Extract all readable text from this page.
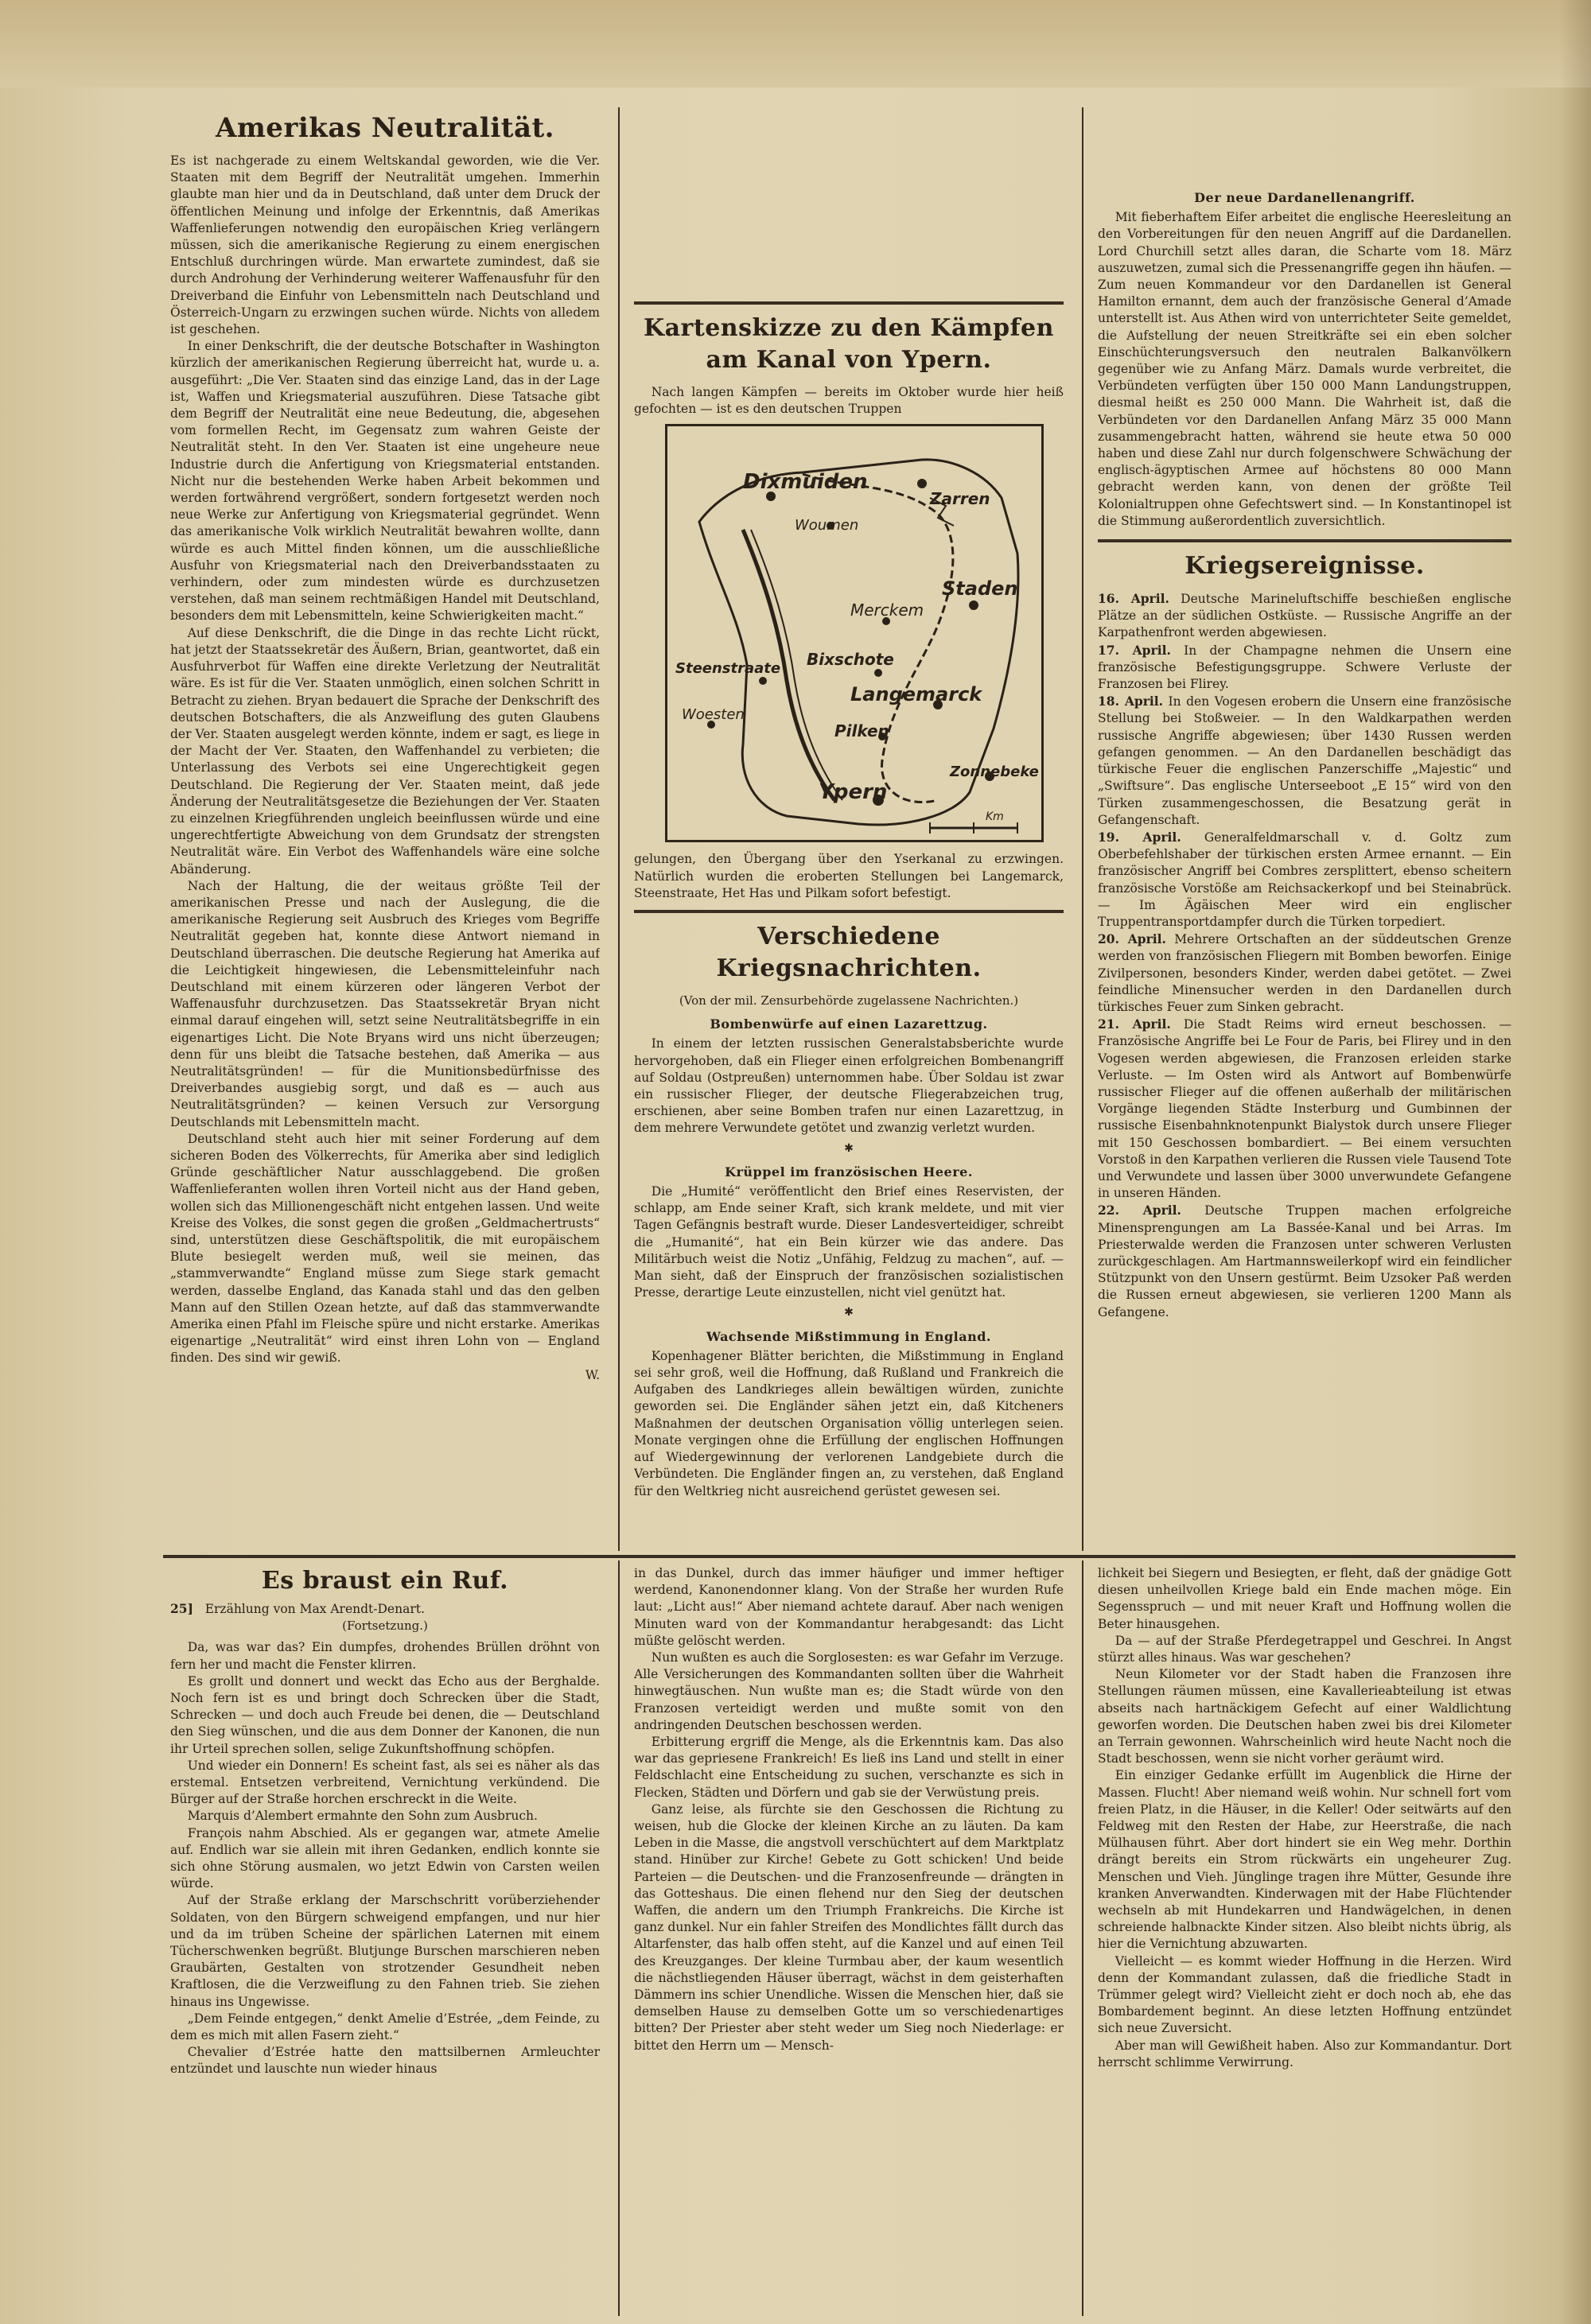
Amerikas Neutralität.

Es ist nachgerade zu einem Weltskandal geworden, wie die Ver. Staaten mit dem Begriff der Neutralität umgehen. Immerhin glaubte man hier und da in Deutschland, daß unter dem Druck der öffentlichen Meinung und infolge der Erkenntnis, daß Amerikas Waffenlieferungen notwendig den europäischen Krieg verlängern müssen, sich die amerikanische Regierung zu einem energischen Entschluß durchringen würde. Man erwartete zumindest, daß sie durch Androhung der Verhinderung weiterer Waffenausfuhr für den Dreiverband die Einfuhr von Lebensmitteln nach Deutschland und Österreich-Ungarn zu erzwingen suchen würde. Nichts von alledem ist geschehen.

In einer Denkschrift, die der deutsche Botschafter in Washington kürzlich der amerikanischen Regierung überreicht hat, wurde u. a. ausgeführt: „Die Ver. Staaten sind das einzige Land, das in der Lage ist, Waffen und Kriegsmaterial auszuführen. Diese Tatsache gibt dem Begriff der Neutralität eine neue Bedeutung, die, abgesehen vom formellen Recht, im Gegensatz zum wahren Geiste der Neutralität steht. In den Ver. Staaten ist eine ungeheure neue Industrie durch die Anfertigung von Kriegsmaterial entstanden. Nicht nur die bestehenden Werke haben Arbeit bekommen und werden fortwährend vergrößert, sondern fortgesetzt werden noch neue Werke zur Anfertigung von Kriegsmaterial gegründet. Wenn das amerikanische Volk wirklich Neutralität bewahren wollte, dann würde es auch Mittel finden können, um die ausschließliche Ausfuhr von Kriegsmaterial nach den Dreiverbandsstaaten zu verhindern, oder zum mindesten würde es durchzusetzen verstehen, daß man seinem rechtmäßigen Handel mit Deutschland, besonders dem mit Lebensmitteln, keine Schwierigkeiten macht.“

Auf diese Denkschrift, die die Dinge in das rechte Licht rückt, hat jetzt der Staatssekretär des Äußern, Brian, geantwortet, daß ein Ausfuhrverbot für Waffen eine direkte Verletzung der Neutralität wäre. Es ist für die Ver. Staaten unmöglich, einen solchen Schritt in Betracht zu ziehen. Bryan bedauert die Sprache der Denkschrift des deutschen Botschafters, die als Anzweiflung des guten Glaubens der Ver. Staaten ausgelegt werden könnte, indem er sagt, es liege in der Macht der Ver. Staaten, den Waffenhandel zu verbieten; die Unterlassung des Verbots sei eine Ungerechtigkeit gegen Deutschland. Die Regierung der Ver. Staaten meint, daß jede Änderung der Neutralitätsgesetze die Beziehungen der Ver. Staaten zu einzelnen Kriegführenden ungleich beeinflussen würde und eine ungerechtfertigte Abweichung von dem Grundsatz der strengsten Neutralität wäre. Ein Verbot des Waffenhandels wäre eine solche Abänderung.

Nach der Haltung, die der weitaus größte Teil der amerikanischen Presse und nach der Auslegung, die die amerikanische Regierung seit Ausbruch des Krieges vom Begriffe Neutralität gegeben hat, konnte diese Antwort niemand in Deutschland überraschen. Die deutsche Regierung hat Amerika auf die Leichtigkeit hingewiesen, die Lebensmitteleinfuhr nach Deutschland mit einem kürzeren oder längeren Verbot der Waffenausfuhr durchzusetzen. Das Staatssekretär Bryan nicht einmal darauf eingehen will, setzt seine Neutralitätsbegriffe in ein eigenartiges Licht. Die Note Bryans wird uns nicht überzeugen; denn für uns bleibt die Tatsache bestehen, daß Amerika — aus Neutralitätsgründen! — für die Munitionsbedürfnisse des Dreiverbandes ausgiebig sorgt, und daß es — auch aus Neutralitätsgründen? — keinen Versuch zur Versorgung Deutschlands mit Lebensmitteln macht.

Deutschland steht auch hier mit seiner Forderung auf dem sicheren Boden des Völkerrechts, für Amerika aber sind lediglich Gründe geschäftlicher Natur ausschlaggebend. Die großen Waffenlieferanten wollen ihren Vorteil nicht aus der Hand geben, wollen sich das Millionengeschäft nicht entgehen lassen. Und weite Kreise des Volkes, die sonst gegen die großen „Geldmachertrusts“ sind, unterstützen diese Geschäftspolitik, die mit europäischem Blute besiegelt werden muß, weil sie meinen, das „stammverwandte“ England müsse zum Siege stark gemacht werden, dasselbe England, das Kanada stahl und das den gelben Mann auf den Stillen Ozean hetzte, auf daß das stammverwandte Amerika einen Pfahl im Fleische spüre und nicht erstarke. Amerikas eigenartige „Neutralität“ wird einst ihren Lohn von — England finden. Des sind wir gewiß.

W.
Kartenskizze zu den Kämpfen am Kanal von Ypern.

Nach langen Kämpfen — bereits im Oktober wurde hier heiß gefochten — ist es den deutschen Truppen

gelungen, den Übergang über den Yserkanal zu erzwingen. Natürlich wurden die eroberten Stellungen bei Langemarck, Steenstraate, Het Has und Pilkam sofort befestigt.

Verschiedene Kriegsnachrichten.
(Von der mil. Zensurbehörde zugelassene Nachrichten.)
Bombenwürfe auf einen Lazarettzug.

In einem der letzten russischen Generalstabsberichte wurde hervorgehoben, daß ein Flieger einen erfolgreichen Bombenangriff auf Soldau (Ostpreußen) unternommen habe. Über Soldau ist zwar ein russischer Flieger, der deutsche Fliegerabzeichen trug, erschienen, aber seine Bomben trafen nur einen Lazarettzug, in dem mehrere Verwundete getötet und zwanzig verletzt wurden.

✱
Krüppel im französischen Heere.

Die „Humité“ veröffentlicht den Brief eines Reservisten, der schlapp, am Ende seiner Kraft, sich krank meldete, und mit vier Tagen Gefängnis bestraft wurde. Dieser Landesverteidiger, schreibt die „Humanité“, hat ein Bein kürzer wie das andere. Das Militärbuch weist die Notiz „Unfähig, Feldzug zu machen“, auf. — Man sieht, daß der Einspruch der französischen sozialistischen Presse, derartige Leute einzustellen, nicht viel genützt hat.

✱
Wachsende Mißstimmung in England.

Kopenhagener Blätter berichten, die Mißstimmung in England sei sehr groß, weil die Hoffnung, daß Rußland und Frankreich die Aufgaben des Landkrieges allein bewältigen würden, zunichte geworden sei. Die Engländer sähen jetzt ein, daß Kitcheners Maßnahmen der deutschen Organisation völlig unterlegen seien. Monate vergingen ohne die Erfüllung der englischen Hoffnungen auf Wiedergewinnung der verlorenen Landgebiete durch die Verbündeten. Die Engländer fingen an, zu verstehen, daß England für den Weltkrieg nicht ausreichend gerüstet gewesen sei.

Dixmuiden
Zarren
Woumen
Merckem
Staden
Steenstraate Bixschote
Langemarck
Woesten
Pilken
Ypern
Zonnebeke
Km
Der neue Dardanellenangriff.

Mit fieberhaftem Eifer arbeitet die englische Heeresleitung an den Vorbereitungen für den neuen Angriff auf die Dardanellen. Lord Churchill setzt alles daran, die Scharte vom 18. März auszuwetzen, zumal sich die Pressenangriffe gegen ihn häufen. — Zum neuen Kommandeur vor den Dardanellen ist General Hamilton ernannt, dem auch der französische General d’Amade unterstellt ist. Aus Athen wird von unterrichteter Seite gemeldet, die Aufstellung der neuen Streitkräfte sei ein eben solcher Einschüchterungsversuch den neutralen Balkanvölkern gegenüber wie zu Anfang März. Damals wurde verbreitet, die Verbündeten verfügten über 150 000 Mann Landungstruppen, diesmal heißt es 250 000 Mann. Die Wahrheit ist, daß die Verbündeten vor den Dardanellen Anfang März 35 000 Mann zusammengebracht hatten, während sie heute etwa 50 000 haben und diese Zahl nur durch folgenschwere Schwächung der englisch-ägyptischen Armee auf höchstens 80 000 Mann gebracht werden kann, von denen der größte Teil Kolonialtruppen ohne Gefechtswert sind. — In Konstantinopel ist die Stimmung außerordentlich zuversichtlich.

Kriegsereignisse.

16. April. Deutsche Marineluftschiffe beschießen englische Plätze an der südlichen Ostküste. — Russische Angriffe an der Karpathenfront werden abgewiesen.

17. April. In der Champagne nehmen die Unsern eine französische Befestigungsgruppe. Schwere Verluste der Franzosen bei Flirey.

18. April. In den Vogesen erobern die Unsern eine französische Stellung bei Stoßweier. — In den Waldkarpathen werden russische Angriffe abgewiesen; über 1430 Russen werden gefangen genommen. — An den Dardanellen beschädigt das türkische Feuer die englischen Panzerschiffe „Majestic“ und „Swiftsure“. Das englische Unterseeboot „E 15“ wird von den Türken zusammengeschossen, die Besatzung gerät in Gefangenschaft.

19. April. Generalfeldmarschall v. d. Goltz zum Oberbefehlshaber der türkischen ersten Armee ernannt. — Ein französischer Angriff bei Combres zersplittert, ebenso scheitern französische Vorstöße am Reichsackerkopf und bei Steinabrück. — Im Ägäischen Meer wird ein englischer Truppentransportdampfer durch die Türken torpediert.

20. April. Mehrere Ortschaften an der süddeutschen Grenze werden von französischen Fliegern mit Bomben beworfen. Einige Zivilpersonen, besonders Kinder, werden dabei getötet. — Zwei feindliche Minensucher werden in den Dardanellen durch türkisches Feuer zum Sinken gebracht.

21. April. Die Stadt Reims wird erneut beschossen. — Französische Angriffe bei Le Four de Paris, bei Flirey und in den Vogesen werden abgewiesen, die Franzosen erleiden starke Verluste. — Im Osten wird als Antwort auf Bombenwürfe russischer Flieger auf die offenen außerhalb der militärischen Vorgänge liegenden Städte Insterburg und Gumbinnen der russische Eisenbahnknotenpunkt Bialystok durch unsere Flieger mit 150 Geschossen bombardiert. — Bei einem versuchten Vorstoß in den Karpathen verlieren die Russen viele Tausend Tote und Verwundete und lassen über 3000 unverwundete Gefangene in unseren Händen.

22. April. Deutsche Truppen machen erfolgreiche Minensprengungen am La Bassée-Kanal und bei Arras. Im Priesterwalde werden die Franzosen unter schweren Verlusten zurückgeschlagen. Am Hartmannsweilerkopf wird ein feindlicher Stützpunkt von den Unsern gestürmt. Beim Uzsoker Paß werden die Russen erneut abgewiesen, sie verlieren 1200 Mann als Gefangene.

Es braust ein Ruf.

25] Erzählung von Max Arendt-Denart.

(Fortsetzung.)

Da, was war das? Ein dumpfes, drohendes Brüllen dröhnt von fern her und macht die Fenster klirren.

Es grollt und donnert und weckt das Echo aus der Berghalde. Noch fern ist es und bringt doch Schrecken über die Stadt, Schrecken — und doch auch Freude bei denen, die — Deutschland den Sieg wünschen, und die aus dem Donner der Kanonen, die nun ihr Urteil sprechen sollen, selige Zukunftshoffnung schöpfen.

Und wieder ein Donnern! Es scheint fast, als sei es näher als das erstemal. Entsetzen verbreitend, Vernichtung verkündend. Die Bürger auf der Straße horchen erschreckt in die Weite.

Marquis d’Alembert ermahnte den Sohn zum Ausbruch.

François nahm Abschied. Als er gegangen war, atmete Amelie auf. Endlich war sie allein mit ihren Gedanken, endlich konnte sie sich ohne Störung ausmalen, wo jetzt Edwin von Carsten weilen würde.

Auf der Straße erklang der Marschschritt vorüberziehender Soldaten, von den Bürgern schweigend empfangen, und nur hier und da im trüben Scheine der spärlichen Laternen mit einem Tücherschwenken begrüßt. Blutjunge Burschen marschieren neben Graubärten, Gestalten von strotzender Gesundheit neben Kraftlosen, die die Verzweiflung zu den Fahnen trieb. Sie ziehen hinaus ins Ungewisse.

„Dem Feinde entgegen,“ denkt Amelie d’Estrée, „dem Feinde, zu dem es mich mit allen Fasern zieht.“

Chevalier d’Estrée hatte den mattsilbernen Armleuchter entzündet und lauschte nun wieder hinaus

in das Dunkel, durch das immer häufiger und immer heftiger werdend, Kanonendonner klang. Von der Straße her wurden Rufe laut: „Licht aus!“ Aber niemand achtete darauf. Aber nach wenigen Minuten ward von der Kommandantur herabgesandt: das Licht müßte gelöscht werden.

Nun wußten es auch die Sorglosesten: es war Gefahr im Verzuge. Alle Versicherungen des Kommandanten sollten über die Wahrheit hinwegtäuschen. Nun wußte man es; die Stadt würde von den Franzosen verteidigt werden und mußte somit von den andringenden Deutschen beschossen werden.

Erbitterung ergriff die Menge, als die Erkenntnis kam. Das also war das gepriesene Frankreich! Es ließ ins Land und stellt in einer Feldschlacht eine Entscheidung zu suchen, verschanzte es sich in Flecken, Städten und Dörfern und gab sie der Verwüstung preis.

Ganz leise, als fürchte sie den Geschossen die Richtung zu weisen, hub die Glocke der kleinen Kirche an zu läuten. Da kam Leben in die Masse, die angstvoll verschüchtert auf dem Marktplatz stand. Hinüber zur Kirche! Gebete zu Gott schicken! Und beide Parteien — die Deutschen- und die Franzosenfreunde — drängten in das Gotteshaus. Die einen flehend nur den Sieg der deutschen Waffen, die andern um den Triumph Frankreichs. Die Kirche ist ganz dunkel. Nur ein fahler Streifen des Mondlichtes fällt durch das Altarfenster, das halb offen steht, auf die Kanzel und auf einen Teil des Kreuzganges. Der kleine Turmbau aber, der kaum wesentlich die nächstliegenden Häuser überragt, wächst in dem geisterhaften Dämmern ins schier Unendliche. Wissen die Menschen hier, daß sie demselben Hause zu demselben Gotte um so verschiedenartiges bitten? Der Priester aber steht weder um Sieg noch Niederlage: er bittet den Herrn um — Mensch-

lichkeit bei Siegern und Besiegten, er fleht, daß der gnädige Gott diesen unheilvollen Kriege bald ein Ende machen möge. Ein Segensspruch — und mit neuer Kraft und Hoffnung wollen die Beter hinausgehen.

Da — auf der Straße Pferdegetrappel und Geschrei. In Angst stürzt alles hinaus. Was war geschehen?

Neun Kilometer vor der Stadt haben die Franzosen ihre Stellungen räumen müssen, eine Kavallerieabteilung ist etwas abseits nach hartnäckigem Gefecht auf einer Waldlichtung geworfen worden. Die Deutschen haben zwei bis drei Kilometer an Terrain gewonnen. Wahrscheinlich wird heute Nacht noch die Stadt beschossen, wenn sie nicht vorher geräumt wird.

Ein einziger Gedanke erfüllt im Augenblick die Hirne der Massen. Flucht! Aber niemand weiß wohin. Nur schnell fort vom freien Platz, in die Häuser, in die Keller! Oder seitwärts auf den Feldweg mit den Resten der Habe, zur Heerstraße, die nach Mülhausen führt. Aber dort hindert sie ein Weg mehr. Dorthin drängt bereits ein Strom rückwärts ein ungeheurer Zug. Menschen und Vieh. Jünglinge tragen ihre Mütter, Gesunde ihre kranken Anverwandten. Kinderwagen mit der Habe Flüchtender wechseln ab mit Hundekarren und Handwägelchen, in denen schreiende halbnackte Kinder sitzen. Also bleibt nichts übrig, als hier die Vernichtung abzuwarten.

Vielleicht — es kommt wieder Hoffnung in die Herzen. Wird denn der Kommandant zulassen, daß die friedliche Stadt in Trümmer gelegt wird? Vielleicht zieht er doch noch ab, ehe das Bombardement beginnt. An diese letzten Hoffnung entzündet sich neue Zuversicht.

Aber man will Gewißheit haben. Also zur Kommandantur. Dort herrscht schlimme Verwirrung.
